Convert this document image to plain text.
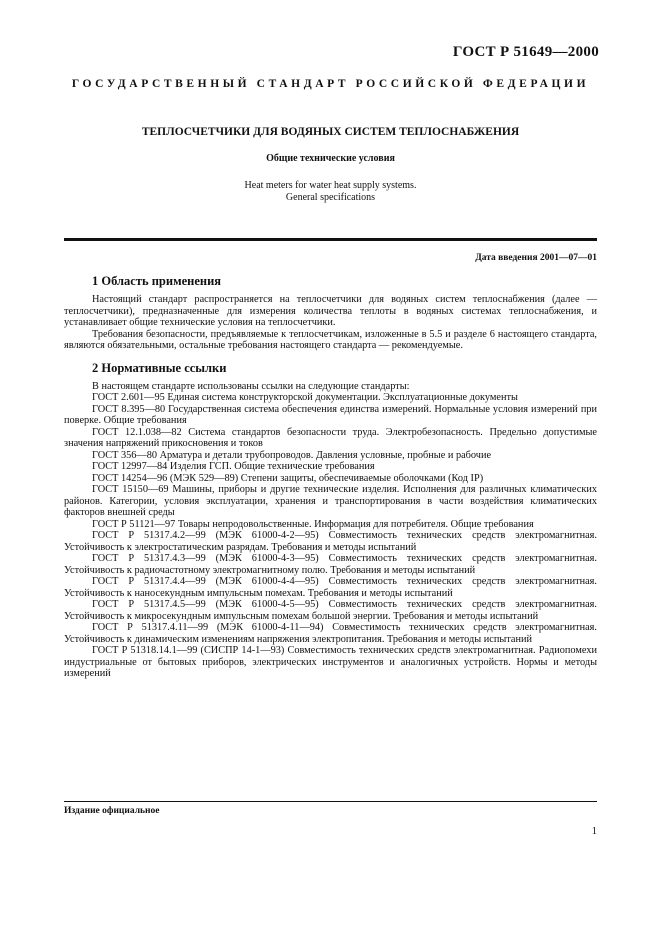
ГОСТ Р 51649—2000
ГОСУДАРСТВЕННЫЙ СТАНДАРТ РОССИЙСКОЙ ФЕДЕРАЦИИ
ТЕПЛОСЧЕТЧИКИ ДЛЯ ВОДЯНЫХ СИСТЕМ ТЕПЛОСНАБЖЕНИЯ
Общие технические условия
Heat meters for water heat supply systems.
General specifications
Дата введения 2001—07—01
1 Область применения

Настоящий стандарт распространяется на теплосчетчики для водяных систем теплоснабжения (далее — теплосчетчики), предназначенные для измерения количества теплоты в водяных системах теплоснабжения, и устанавливает общие технические условия на теплосчетчики.

Требования безопасности, предъявляемые к теплосчетчикам, изложенные в 5.5 и разделе 6 настоящего стандарта, являются обязательными, остальные требования настоящего стандарта — рекомендуемые.

2 Нормативные ссылки

В настоящем стандарте использованы ссылки на следующие стандарты:

ГОСТ 2.601—95 Единая система конструкторской документации. Эксплуатационные документы

ГОСТ 8.395—80 Государственная система обеспечения единства измерений. Нормальные условия измерений при поверке. Общие требования

ГОСТ 12.1.038—82 Система стандартов безопасности труда. Электробезопасность. Предельно допустимые значения напряжений прикосновения и токов

ГОСТ 356—80 Арматура и детали трубопроводов. Давления условные, пробные и рабочие

ГОСТ 12997—84 Изделия ГСП. Общие технические требования

ГОСТ 14254—96 (МЭК 529—89) Степени защиты, обеспечиваемые оболочками (Код IP)

ГОСТ 15150—69 Машины, приборы и другие технические изделия. Исполнения для различных климатических районов. Категории, условия эксплуатации, хранения и транспортирования в части воздействия климатических факторов внешней среды

ГОСТ Р 51121—97 Товары непродовольственные. Информация для потребителя. Общие требования

ГОСТ Р 51317.4.2—99 (МЭК 61000-4-2—95) Совместимость технических средств электромагнитная. Устойчивость к электростатическим разрядам. Требования и методы испытаний

ГОСТ Р 51317.4.3—99 (МЭК 61000-4-3—95) Совместимость технических средств электромагнитная. Устойчивость к радиочастотному электромагнитному полю. Требования и методы испытаний

ГОСТ Р 51317.4.4—99 (МЭК 61000-4-4—95) Совместимость технических средств электромагнитная. Устойчивость к наносекундным импульсным помехам. Требования и методы испытаний

ГОСТ Р 51317.4.5—99 (МЭК 61000-4-5—95) Совместимость технических средств электромагнитная. Устойчивость к микросекундным импульсным помехам большой энергии. Требования и методы испытаний

ГОСТ Р 51317.4.11—99 (МЭК 61000-4-11—94) Совместимость технических средств электромагнитная. Устойчивость к динамическим изменениям напряжения электропитания. Требования и методы испытаний

ГОСТ Р 51318.14.1—99 (СИСПР 14-1—93) Совместимость технических средств электромагнитная. Радиопомехи индустриальные от бытовых приборов, электрических инструментов и аналогичных устройств. Нормы и методы измерений

Издание официальное
1
